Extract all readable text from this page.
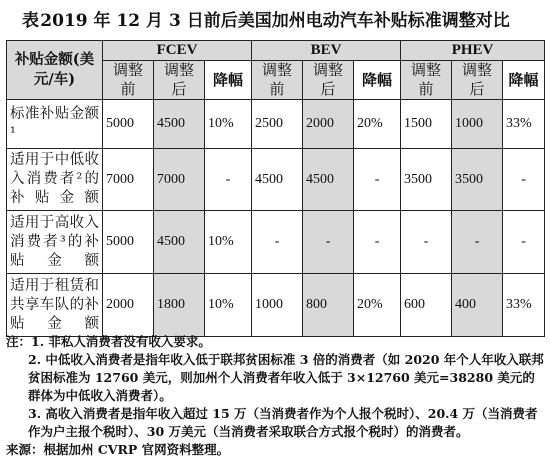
表 2019 年 12 月 3 日前后美国加州电动汽车补贴标准调整对比
补贴金额(美元/车)	FCEV			BEV			PHEV		
	调整前	调整后	降幅	调整前	调整后	降幅	调整前	调整后	降幅
标准补贴金额¹	5000	4500	10%	2500	2000	20%	1500	1000	33%
适用于中低收入消费者²的补贴金额	7000	7000	-	4500	4500	-	3500	3500	-
适用于高收入消费者³的补贴金额	5000	4500	10%	-	-	-	-	-	-
适用于租赁和共享车队的补贴金额	2000	1800	10%	1000	800	20%	600	400	33%

注：1. 非私人消费者没有收入要求。

2. 中低收入消费者是指年收入低于联邦贫困标准 3 倍的消费者（如 2020 年个人年收入联邦贫困标准为 12760 美元，则加州个人消费者年收入低于 3×12760 美元=38280 美元的群体为中低收入消费者）。

3. 高收入消费者是指年收入超过 15 万（当消费者作为个人报个税时）、20.4 万（当消费者作为户主报个税时）、30 万美元（当消费者采取联合方式报个税时）的消费者。

来源：根据加州 CVRP 官网资料整理。
